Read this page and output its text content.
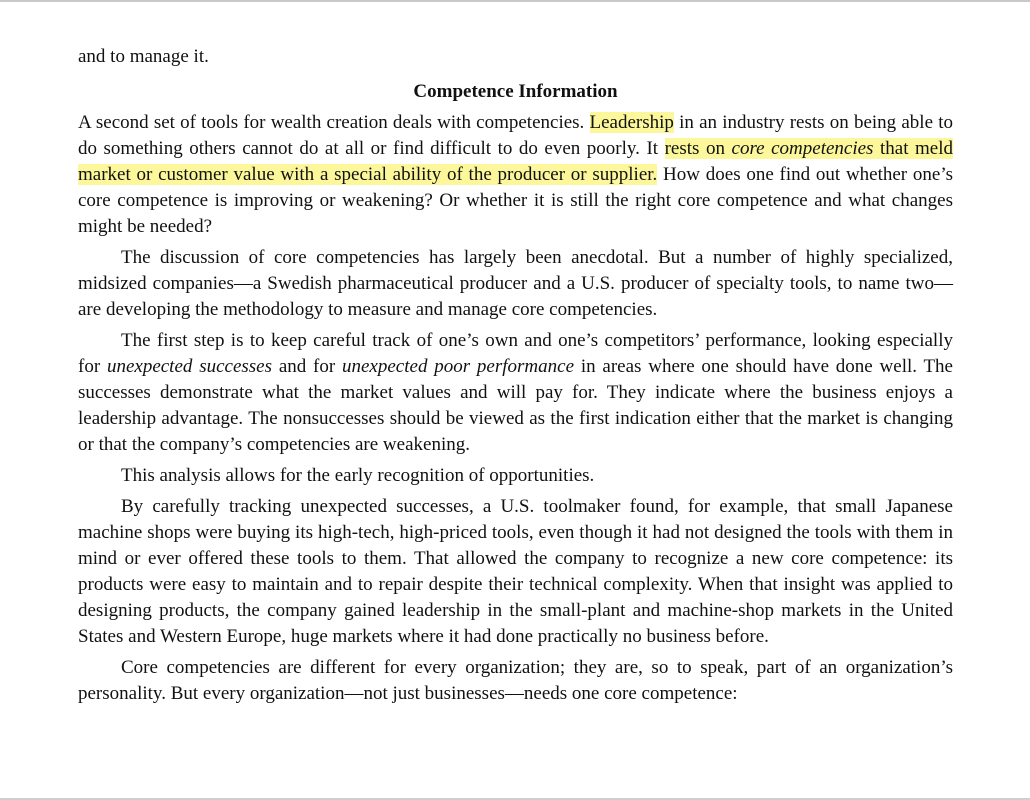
and to manage it.

Competence Information

A second set of tools for wealth creation deals with competencies. Leadership in an industry rests on being able to do something others cannot do at all or find difficult to do even poorly. It rests on core competencies that meld market or customer value with a special ability of the producer or supplier. How does one find out whether one’s core competence is improving or weakening? Or whether it is still the right core competence and what changes might be needed?

The discussion of core competencies has largely been anecdotal. But a number of highly specialized, midsized companies—a Swedish pharmaceutical producer and a U.S. producer of specialty tools, to name two—are developing the methodology to measure and manage core competencies.

The first step is to keep careful track of one’s own and one’s competitors’ performance, looking especially for unexpected successes and for unexpected poor performance in areas where one should have done well. The successes demonstrate what the market values and will pay for. They indicate where the business enjoys a leadership advantage. The nonsuccesses should be viewed as the first indication either that the market is changing or that the company’s competencies are weakening.

This analysis allows for the early recognition of opportunities.

By carefully tracking unexpected successes, a U.S. toolmaker found, for example, that small Japanese machine shops were buying its high-tech, high-priced tools, even though it had not designed the tools with them in mind or ever offered these tools to them. That allowed the company to recognize a new core competence: its products were easy to maintain and to repair despite their technical complexity. When that insight was applied to designing products, the company gained leadership in the small-plant and machine-shop markets in the United States and Western Europe, huge markets where it had done practically no business before.

Core competencies are different for every organization; they are, so to speak, part of an organization’s personality. But every organization—not just businesses—needs one core competence:
